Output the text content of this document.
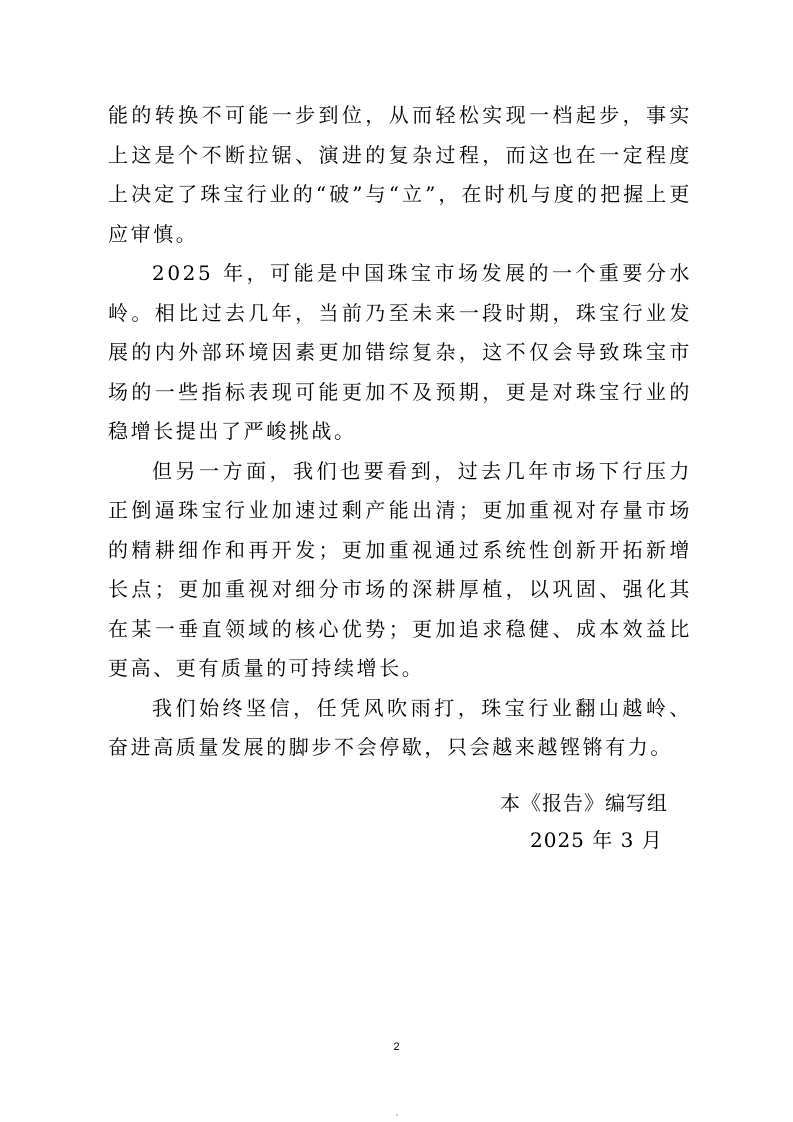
能的转换不可能一步到位，从而轻松实现一档起步，事实上这是个不断拉锯、演进的复杂过程，而这也在一定程度上决定了珠宝行业的“破”与“立”，在时机与度的把握上更应审慎。

2025 年，可能是中国珠宝市场发展的一个重要分水岭。相比过去几年，当前乃至未来一段时期，珠宝行业发展的内外部环境因素更加错综复杂，这不仅会导致珠宝市场的一些指标表现可能更加不及预期，更是对珠宝行业的稳增长提出了严峻挑战。

但另一方面，我们也要看到，过去几年市场下行压力正倒逼珠宝行业加速过剩产能出清；更加重视对存量市场的精耕细作和再开发；更加重视通过系统性创新开拓新增长点；更加重视对细分市场的深耕厚植，以巩固、强化其在某一垂直领域的核心优势；更加追求稳健、成本效益比更高、更有质量的可持续增长。

我们始终坚信，任凭风吹雨打，珠宝行业翻山越岭、奋进高质量发展的脚步不会停歇，只会越来越铿锵有力。

本《报告》编写组
2025 年 3 月
2
